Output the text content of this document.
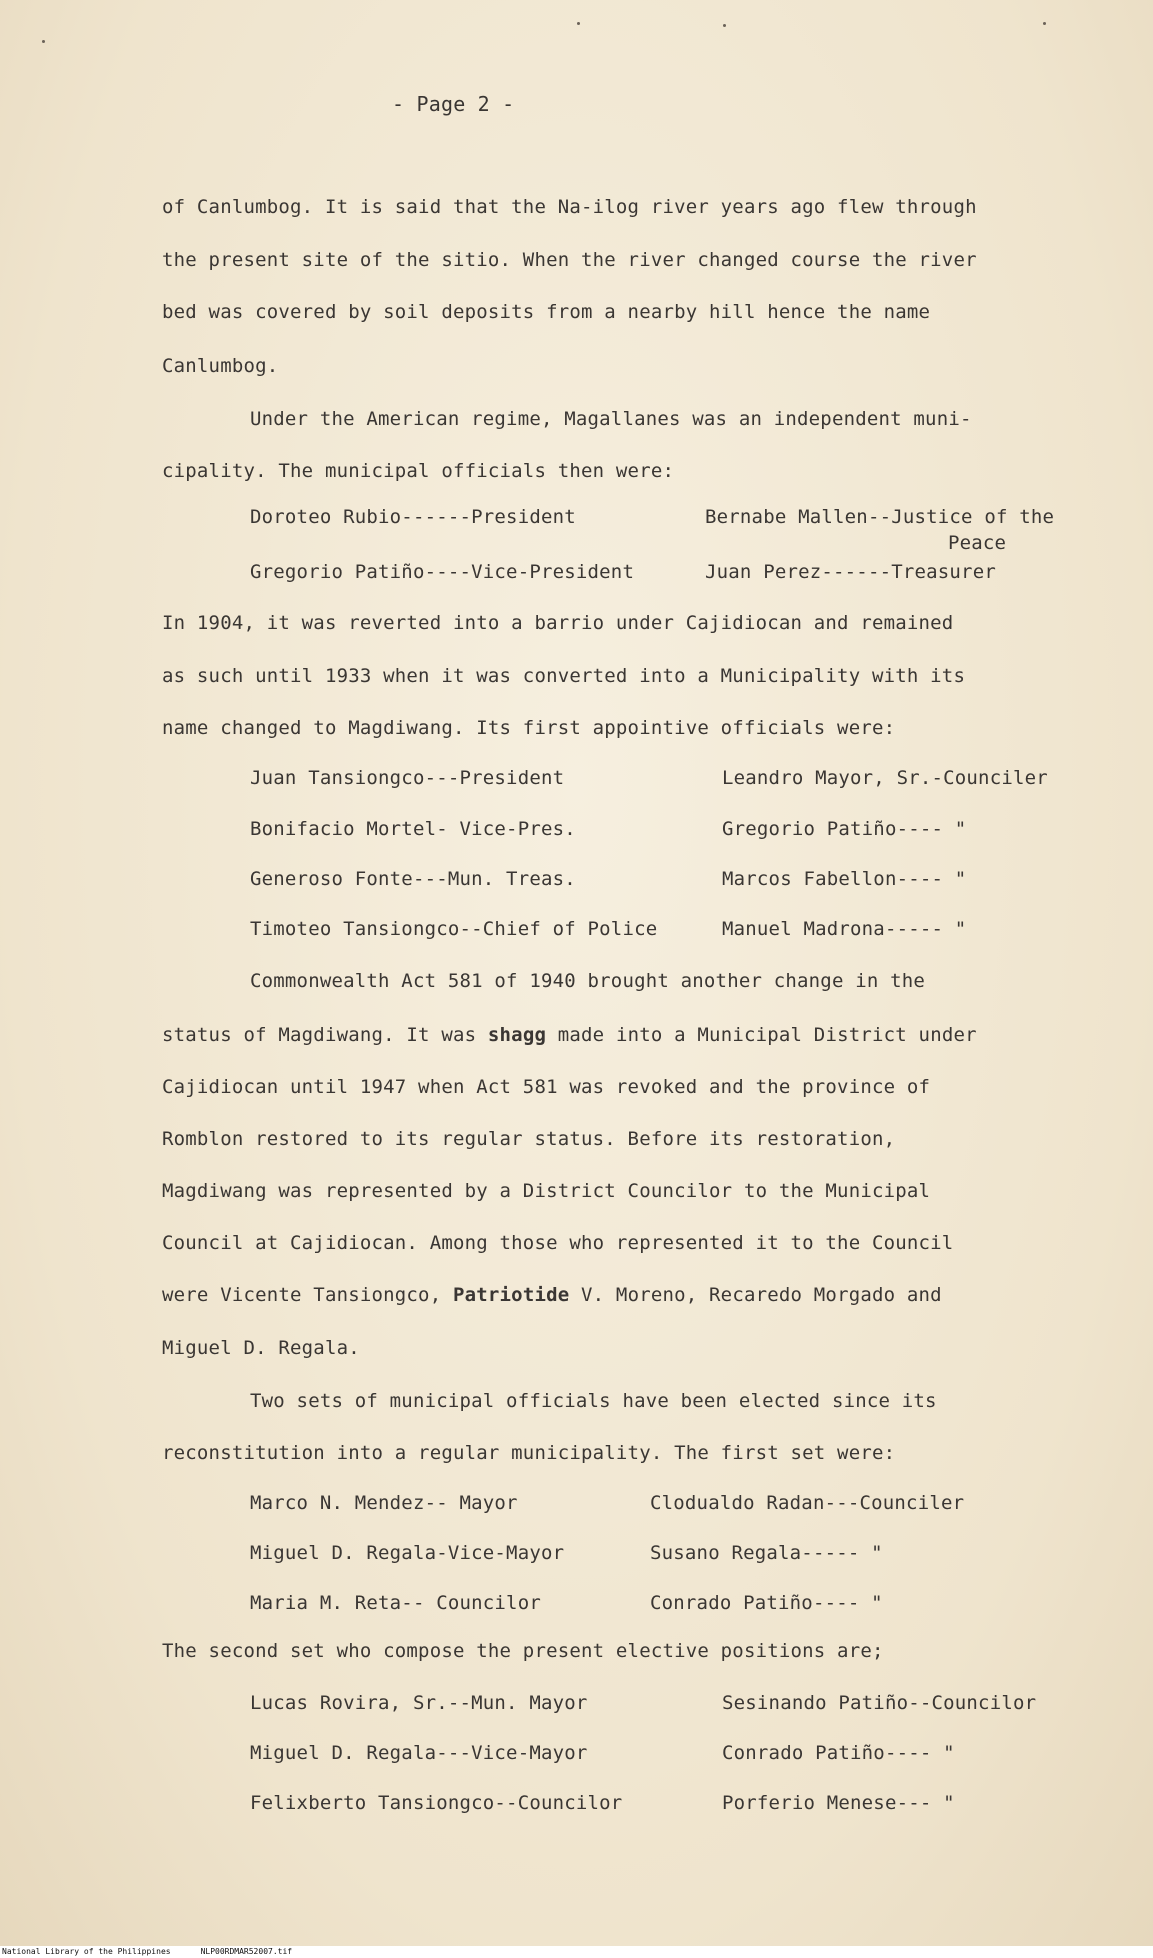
- Page 2 -
of Canlumbog. It is said that the Na-ilog river years ago flew through
the present site of the sitio. When the river changed course the river
bed was covered by soil deposits from a nearby hill hence the name
Canlumbog.
Under the American regime, Magallanes was an independent muni-
cipality. The municipal officials then were:
Doroteo Rubio------President	Bernabe Mallen--Justice of the
Peace
Gregorio Patiño----Vice-President	Juan Perez------Treasurer
In 1904, it was reverted into a barrio under Cajidiocan and remained
as such until 1933 when it was converted into a Municipality with its
name changed to Magdiwang. Its first appointive officials were:
Juan Tansiongco---President	Leandro Mayor, Sr.-Counciler
Bonifacio Mortel- Vice-Pres.	Gregorio Patiño---- "
Generoso Fonte---Mun. Treas.	Marcos Fabellon---- "
Timoteo Tansiongco--Chief of Police	Manuel Madrona----- "
Commonwealth Act 581 of 1940 brought another change in the
status of Magdiwang. It was shagg made into a Municipal District under
Cajidiocan until 1947 when Act 581 was revoked and the province of
Romblon restored to its regular status. Before its restoration,
Magdiwang was represented by a District Councilor to the Municipal
Council at Cajidiocan. Among those who represented it to the Council
were Vicente Tansiongco, Patriotide V. Moreno, Recaredo Morgado and
Miguel D. Regala.
Two sets of municipal officials have been elected since its
reconstitution into a regular municipality. The first set were:
Marco N. Mendez-- Mayor	Clodualdo Radan---Counciler
Miguel D. Regala-Vice-Mayor	Susano Regala----- "
Maria M. Reta-- Councilor	Conrado Patiño---- "
The second set who compose the present elective positions are;
Lucas Rovira, Sr.--Mun. Mayor	Sesinando Patiño--Councilor
Miguel D. Regala---Vice-Mayor	Conrado Patiño---- "
Felixberto Tansiongco--Councilor	Porferio Menese--- "
National Library of the Philippines	NLP00RDMAR52007.tif
